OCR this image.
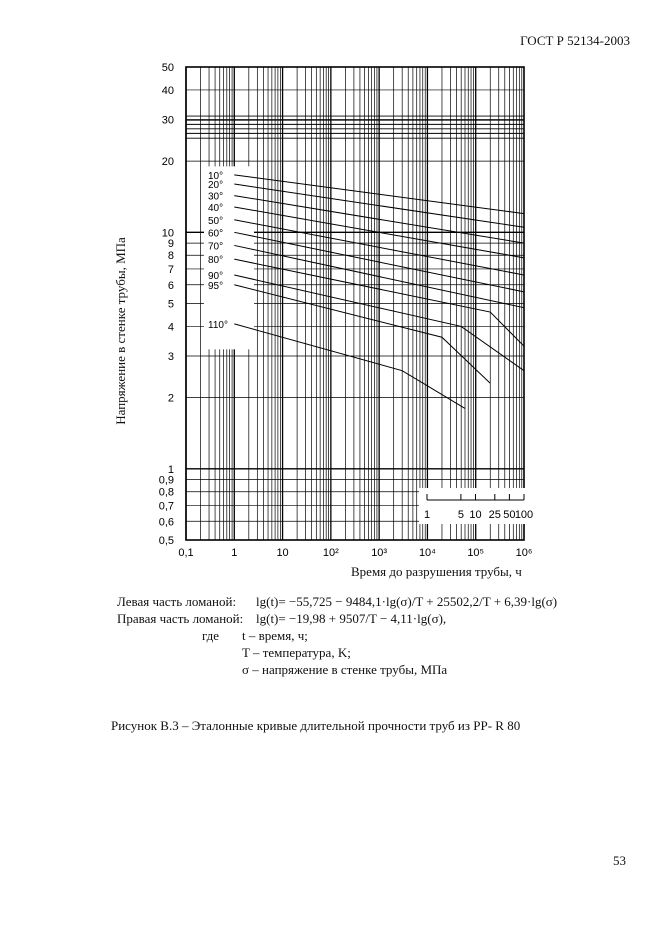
ГОСТ Р 52134-2003
10°
20°
30°
40°
50°
60°
70°
80°
90°
95°
110°
50
40
30
20
10
9
8
7
6
5
4
3
2
1
0,9
0,8
0,7
0,6
0,5
0,1	1	10	10²	10³	10⁴	10⁵	10⁶
1	5 10 25 50 100
Напряжение в стенке трубы, МПа
Время до разрушения трубы, ч
Левая часть ломаной: lg(t)= −55,725 − 9484,1·lg(σ)/T + 25502,2/T + 6,39·lg(σ)
Правая часть ломаной: lg(t)= −19,98 + 9507/T − 4,11·lg(σ),
где t – время, ч;
T – температура, K;
σ – напряжение в стенке трубы, МПа
Рисунок В.3 – Эталонные кривые длительной прочности труб из PP- R 80
53
